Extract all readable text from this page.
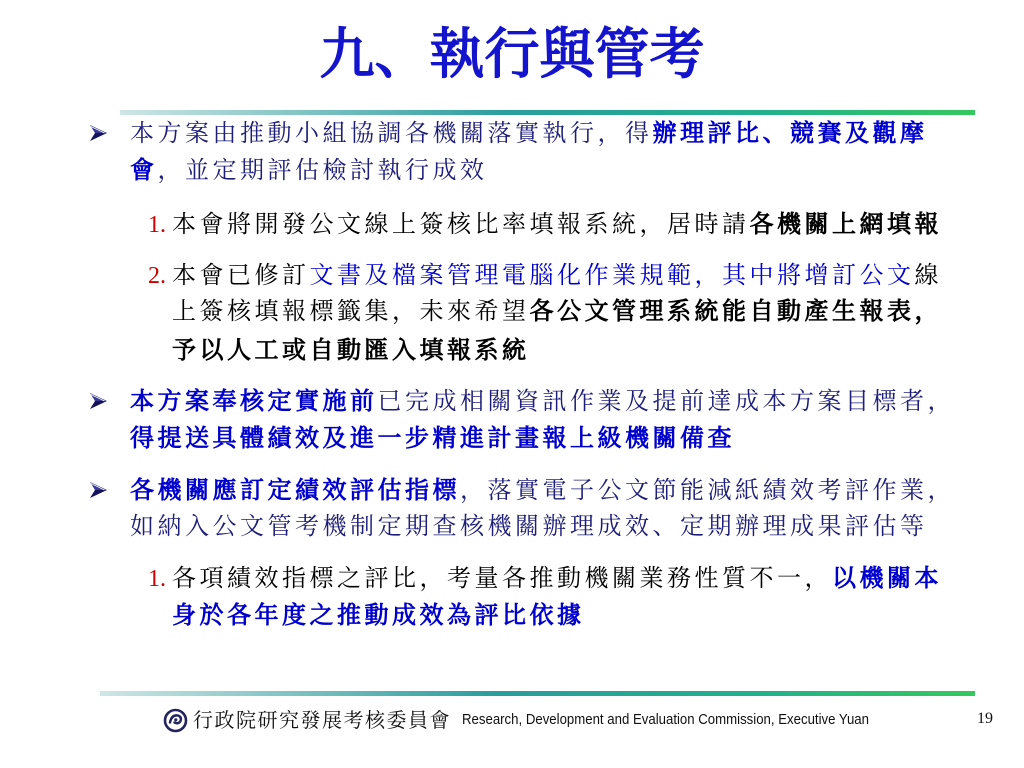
九、執行與管考
本方案由推動小組協調各機關落實執行，得辦理評比、競賽及觀摩
會，並定期評估檢討執行成效
1. 本會將開發公文線上簽核比率填報系統，居時請各機關上網填報
2. 本會已修訂文書及檔案管理電腦化作業規範，其中將增訂公文線
上簽核填報標籤集，未來希望各公文管理系統能自動產生報表，
予以人工或自動匯入填報系統
本方案奉核定實施前已完成相關資訊作業及提前達成本方案目標者，
得提送具體績效及進一步精進計畫報上級機關備查
各機關應訂定績效評估指標，落實電子公文節能減紙績效考評作業，
如納入公文管考機制定期查核機關辦理成效、定期辦理成果評估等
1. 各項績效指標之評比，考量各推動機關業務性質不一，以機關本
身於各年度之推動成效為評比依據
行政院研究發展考核委員會 Research, Development and Evaluation Commission, Executive Yuan	19
